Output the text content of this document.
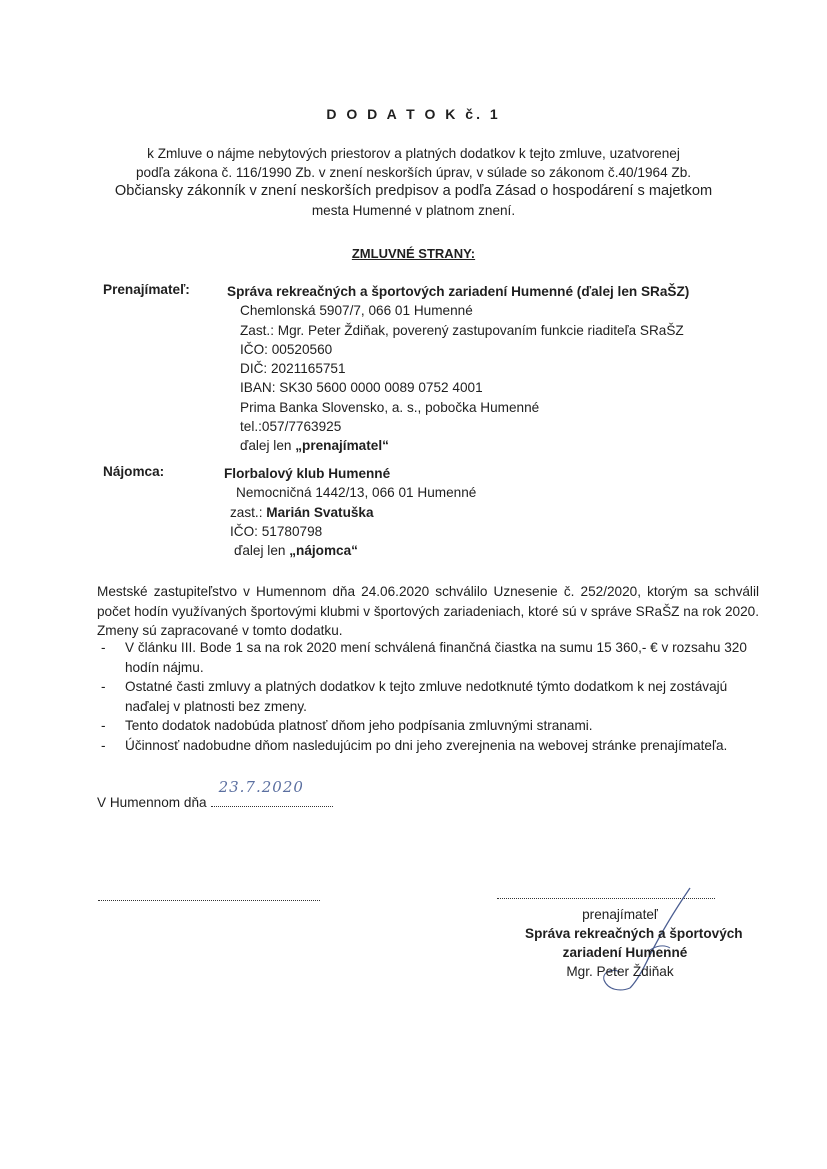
D O D A T O K č. 1
k Zmluve o nájme nebytových priestorov a platných dodatkov k tejto zmluve, uzatvorenej
podľa zákona č. 116/1990 Zb. v znení neskorších úprav, v súlade so zákonom č.40/1964 Zb.
Občiansky zákonník v znení neskorších predpisov a podľa Zásad o hospodárení s majetkom
mesta Humenné v platnom znení.
ZMLUVNÉ STRANY:
Prenajímateľ:	Správa rekreačných a športových zariadení Humenné (ďalej len SRaŠZ)
Chemlonská 5907/7, 066 01 Humenné
Zast.: Mgr. Peter Ždiňak, poverený zastupovaním funkcie riaditeľa SRaŠZ
IČO: 00520560
DIČ: 2021165751
IBAN: SK30 5600 0000 0089 0752 4001
Prima Banka Slovensko, a. s., pobočka Humenné
tel.:057/7763925
ďalej len „prenajímatel“
Nájomca:	Florbalový klub Humenné
Nemocničná 1442/13, 066 01 Humenné
zast.: Marián Svatuška
IČO: 51780798
ďalej len „nájomca“

Mestské zastupiteľstvo v Humennom dňa 24.06.2020 schválilo Uznesenie č. 252/2020, ktorým sa schválil počet hodín využívaných športovými klubmi v športových zariadeniach, ktoré sú v správe SRaŠZ na rok 2020. Zmeny sú zapracované v tomto dodatku.

- V článku III. Bode 1 sa na rok 2020 mení schválená finančná čiastka na sumu 15 360,- € v rozsahu 320 hodín nájmu.
- Ostatné časti zmluvy a platných dodatkov k tejto zmluve nedotknuté týmto dodatkom k nej zostávajú naďalej v platnosti bez zmeny.
- Tento dodatok nadobúda platnosť dňom jeho podpísania zmluvnými stranami.
- Účinnosť nadobudne dňom nasledujúcim po dni jeho zverejnenia na webovej stránke prenajímateľa.
V Humennom dňa
23.7.2020
prenajímateľ
Správa rekreačných a športových
zariadení Humenné
Mgr. Peter Ždiňak
